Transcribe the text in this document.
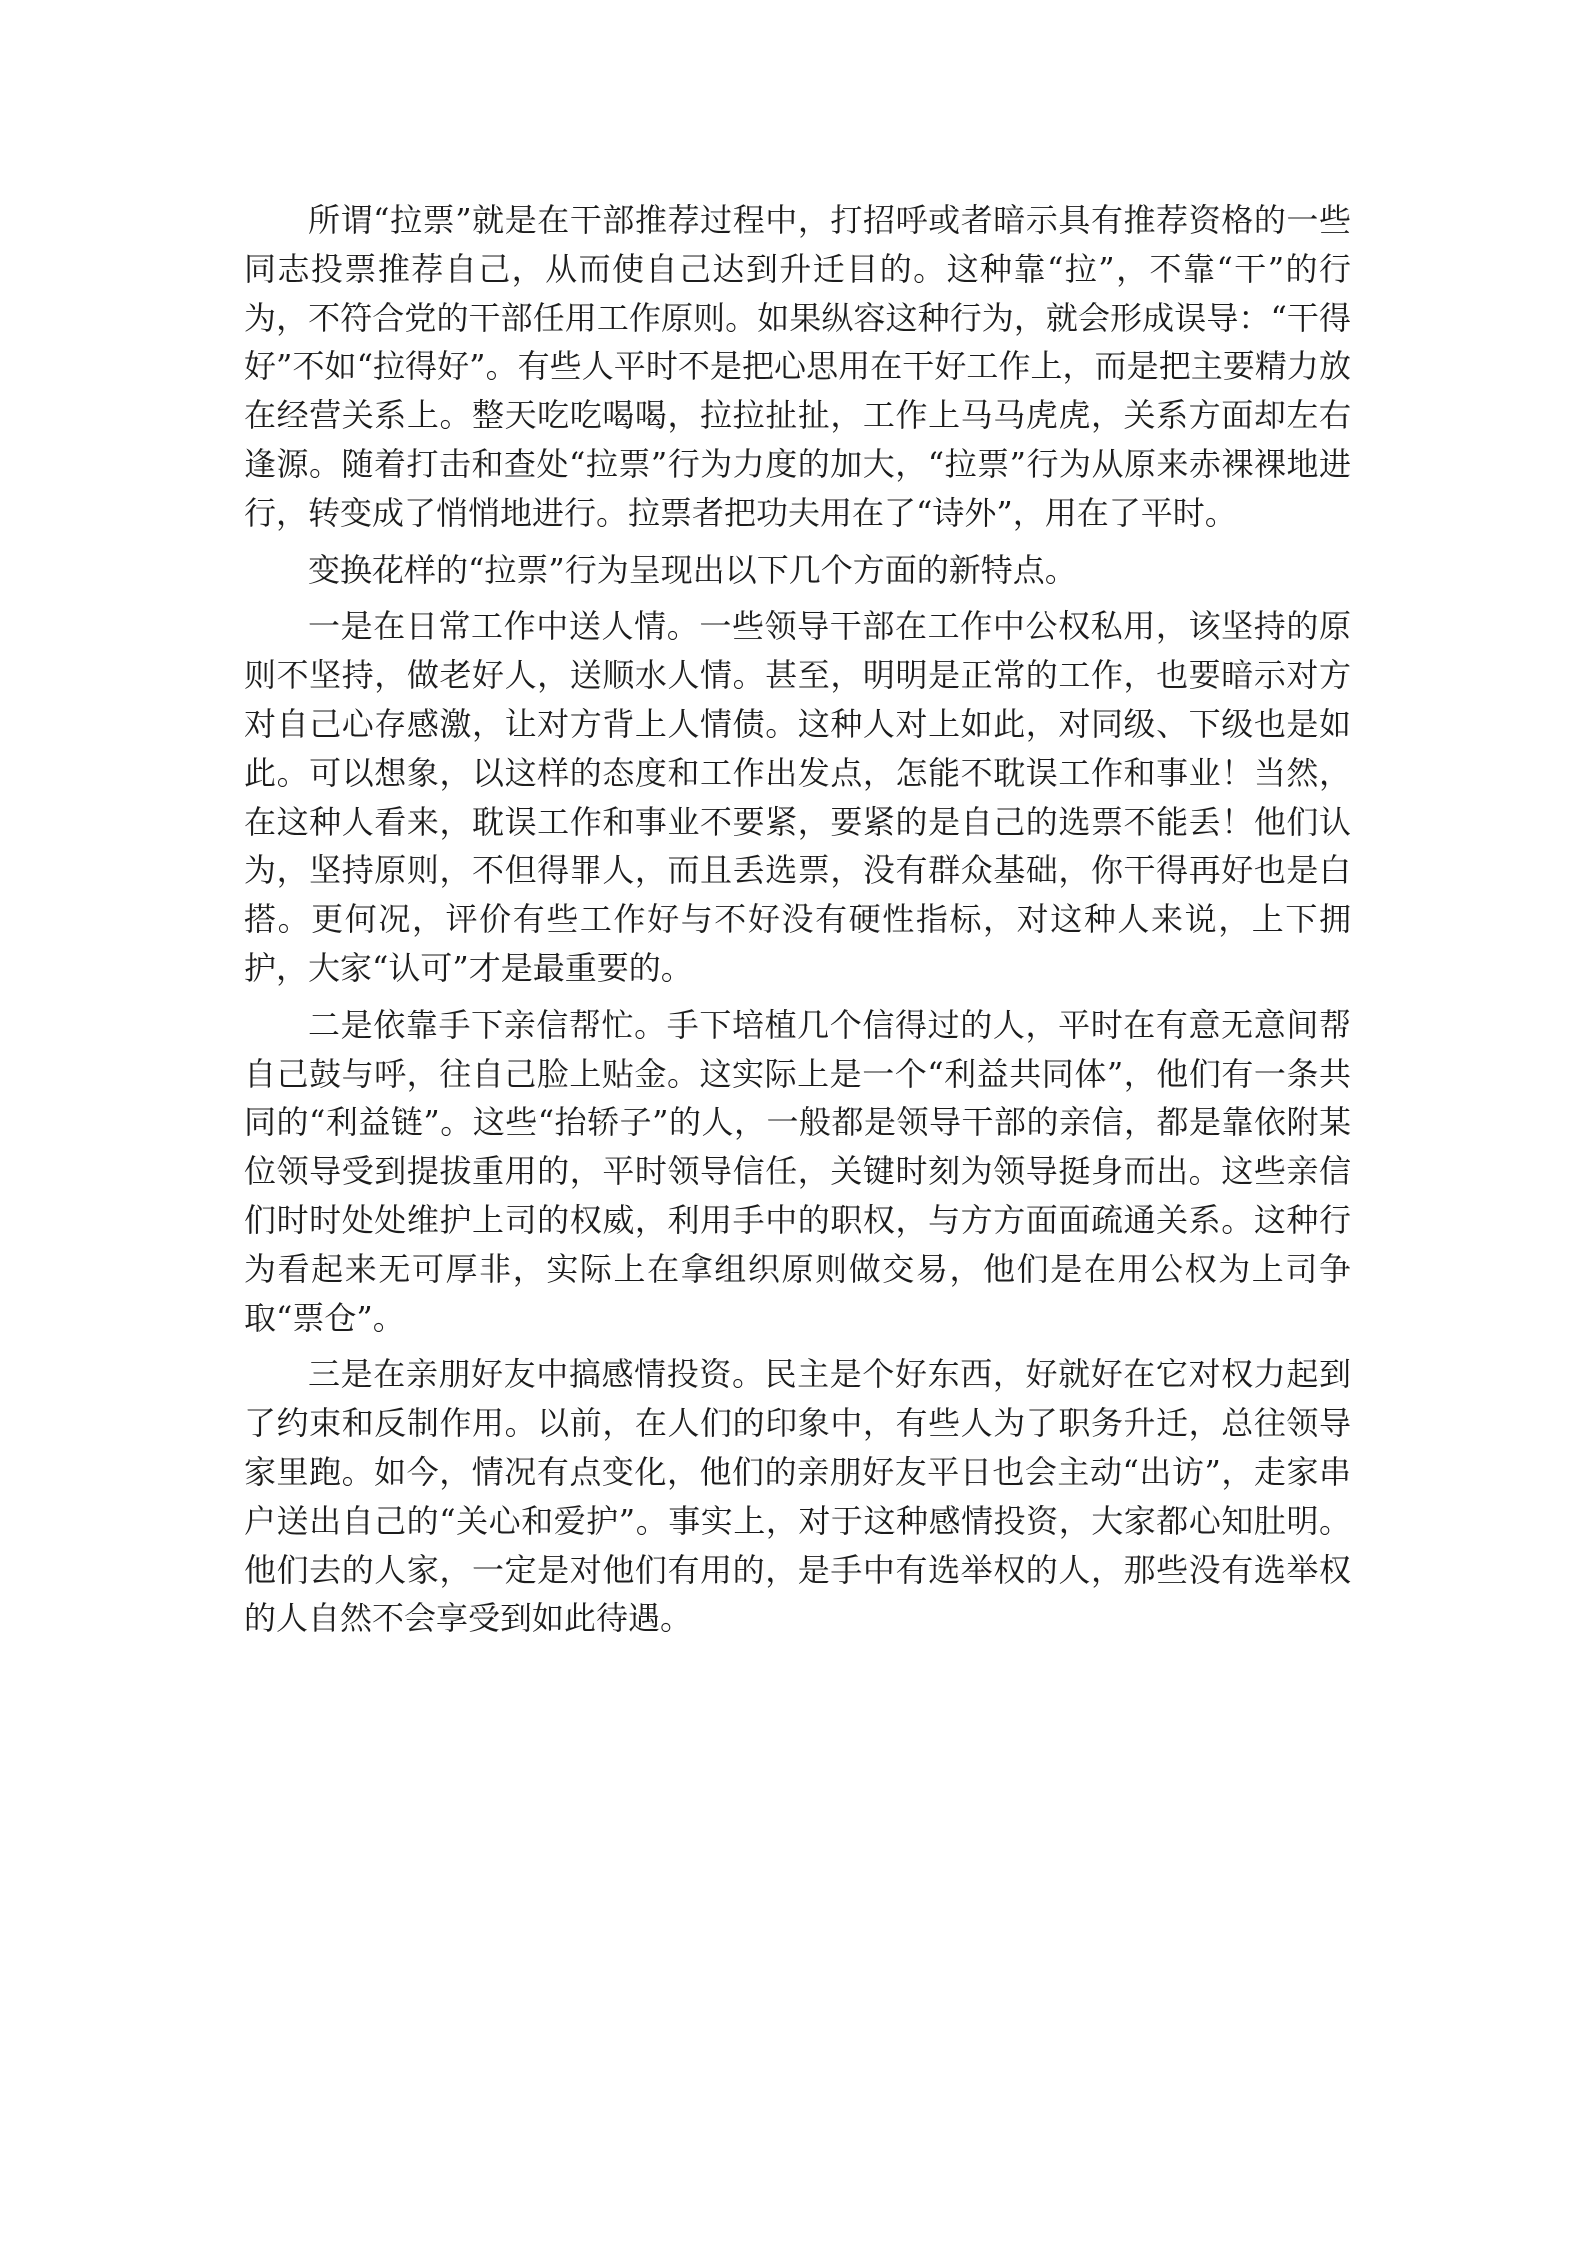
所谓“拉票”就是在干部推荐过程中，打招呼或者暗示具有推荐资格的一些同志投票推荐自己，从而使自己达到升迁目的。这种靠“拉”，不靠“干”的行为，不符合党的干部任用工作原则。如果纵容这种行为，就会形成误导：“干得好”不如“拉得好”。有些人平时不是把心思用在干好工作上，而是把主要精力放在经营关系上。整天吃吃喝喝，拉拉扯扯，工作上马马虎虎，关系方面却左右逢源。随着打击和查处“拉票”行为力度的加大，“拉票”行为从原来赤裸裸地进行，转变成了悄悄地进行。拉票者把功夫用在了“诗外”，用在了平时。

变换花样的“拉票”行为呈现出以下几个方面的新特点。

一是在日常工作中送人情。一些领导干部在工作中公权私用，该坚持的原则不坚持，做老好人，送顺水人情。甚至，明明是正常的工作，也要暗示对方对自己心存感激，让对方背上人情债。这种人对上如此，对同级、下级也是如此。可以想象，以这样的态度和工作出发点，怎能不耽误工作和事业！当然，在这种人看来，耽误工作和事业不要紧，要紧的是自己的选票不能丢！他们认为，坚持原则，不但得罪人，而且丢选票，没有群众基础，你干得再好也是白搭。更何况，评价有些工作好与不好没有硬性指标，对这种人来说，上下拥护，大家“认可”才是最重要的。

二是依靠手下亲信帮忙。手下培植几个信得过的人，平时在有意无意间帮自己鼓与呼，往自己脸上贴金。这实际上是一个“利益共同体”，他们有一条共同的“利益链”。这些“抬轿子”的人，一般都是领导干部的亲信，都是靠依附某位领导受到提拔重用的，平时领导信任，关键时刻为领导挺身而出。这些亲信们时时处处维护上司的权威，利用手中的职权，与方方面面疏通关系。这种行为看起来无可厚非，实际上在拿组织原则做交易，他们是在用公权为上司争取“票仓”。

三是在亲朋好友中搞感情投资。民主是个好东西，好就好在它对权力起到了约束和反制作用。以前，在人们的印象中，有些人为了职务升迁，总往领导家里跑。如今，情况有点变化，他们的亲朋好友平日也会主动“出访”，走家串户送出自己的“关心和爱护”。事实上，对于这种感情投资，大家都心知肚明。他们去的人家，一定是对他们有用的，是手中有选举权的人，那些没有选举权的人自然不会享受到如此待遇。
